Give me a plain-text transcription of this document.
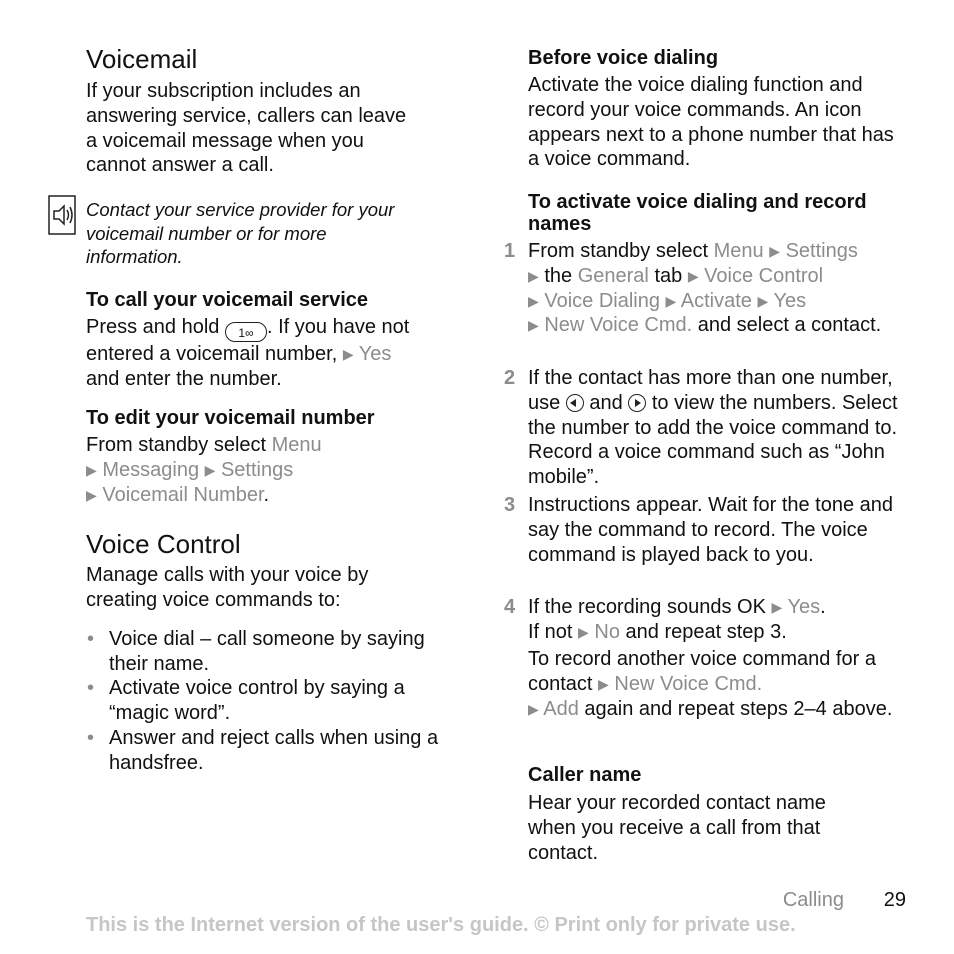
Voicemail

If your subscription includes an answering service, callers can leave a voicemail message when you cannot answer a call.

Contact your service provider for your voicemail number or for more information.

To call your voicemail service

Press and hold 1∞ . If you have not entered a voicemail number, ▶ Yes and enter the number.

To edit your voicemail number

From standby select Menu
▶ Messaging ▶ Settings
▶ Voicemail Number.

Voice Control

Manage calls with your voice by creating voice commands to:

• Voice dial – call someone by saying their name.
• Activate voice control by saying a “magic word”.
• Answer and reject calls when using a handsfree.

Before voice dialing

Activate the voice dialing function and record your voice commands. An icon appears next to a phone number that has a voice command.

To activate voice dialing and record names

1 From standby select Menu ▶ Settings
▶ the General tab ▶ Voice Control
▶ Voice Dialing ▶ Activate ▶ Yes
▶ New Voice Cmd. and select a contact.
2 If the contact has more than one number, use and to view the numbers. Select the number to add the voice command to. Record a voice command such as “John mobile”.
3 Instructions appear. Wait for the tone and say the command to record. The voice command is played back to you.
4 If the recording sounds OK ▶ Yes.
If not ▶ No and repeat step 3.
To record another voice command for a contact ▶ New Voice Cmd.
▶ Add again and repeat steps 2–4 above.

Caller name

Hear your recorded contact name when you receive a call from that contact.

Calling 29
This is the Internet version of the user's guide. © Print only for private use.
